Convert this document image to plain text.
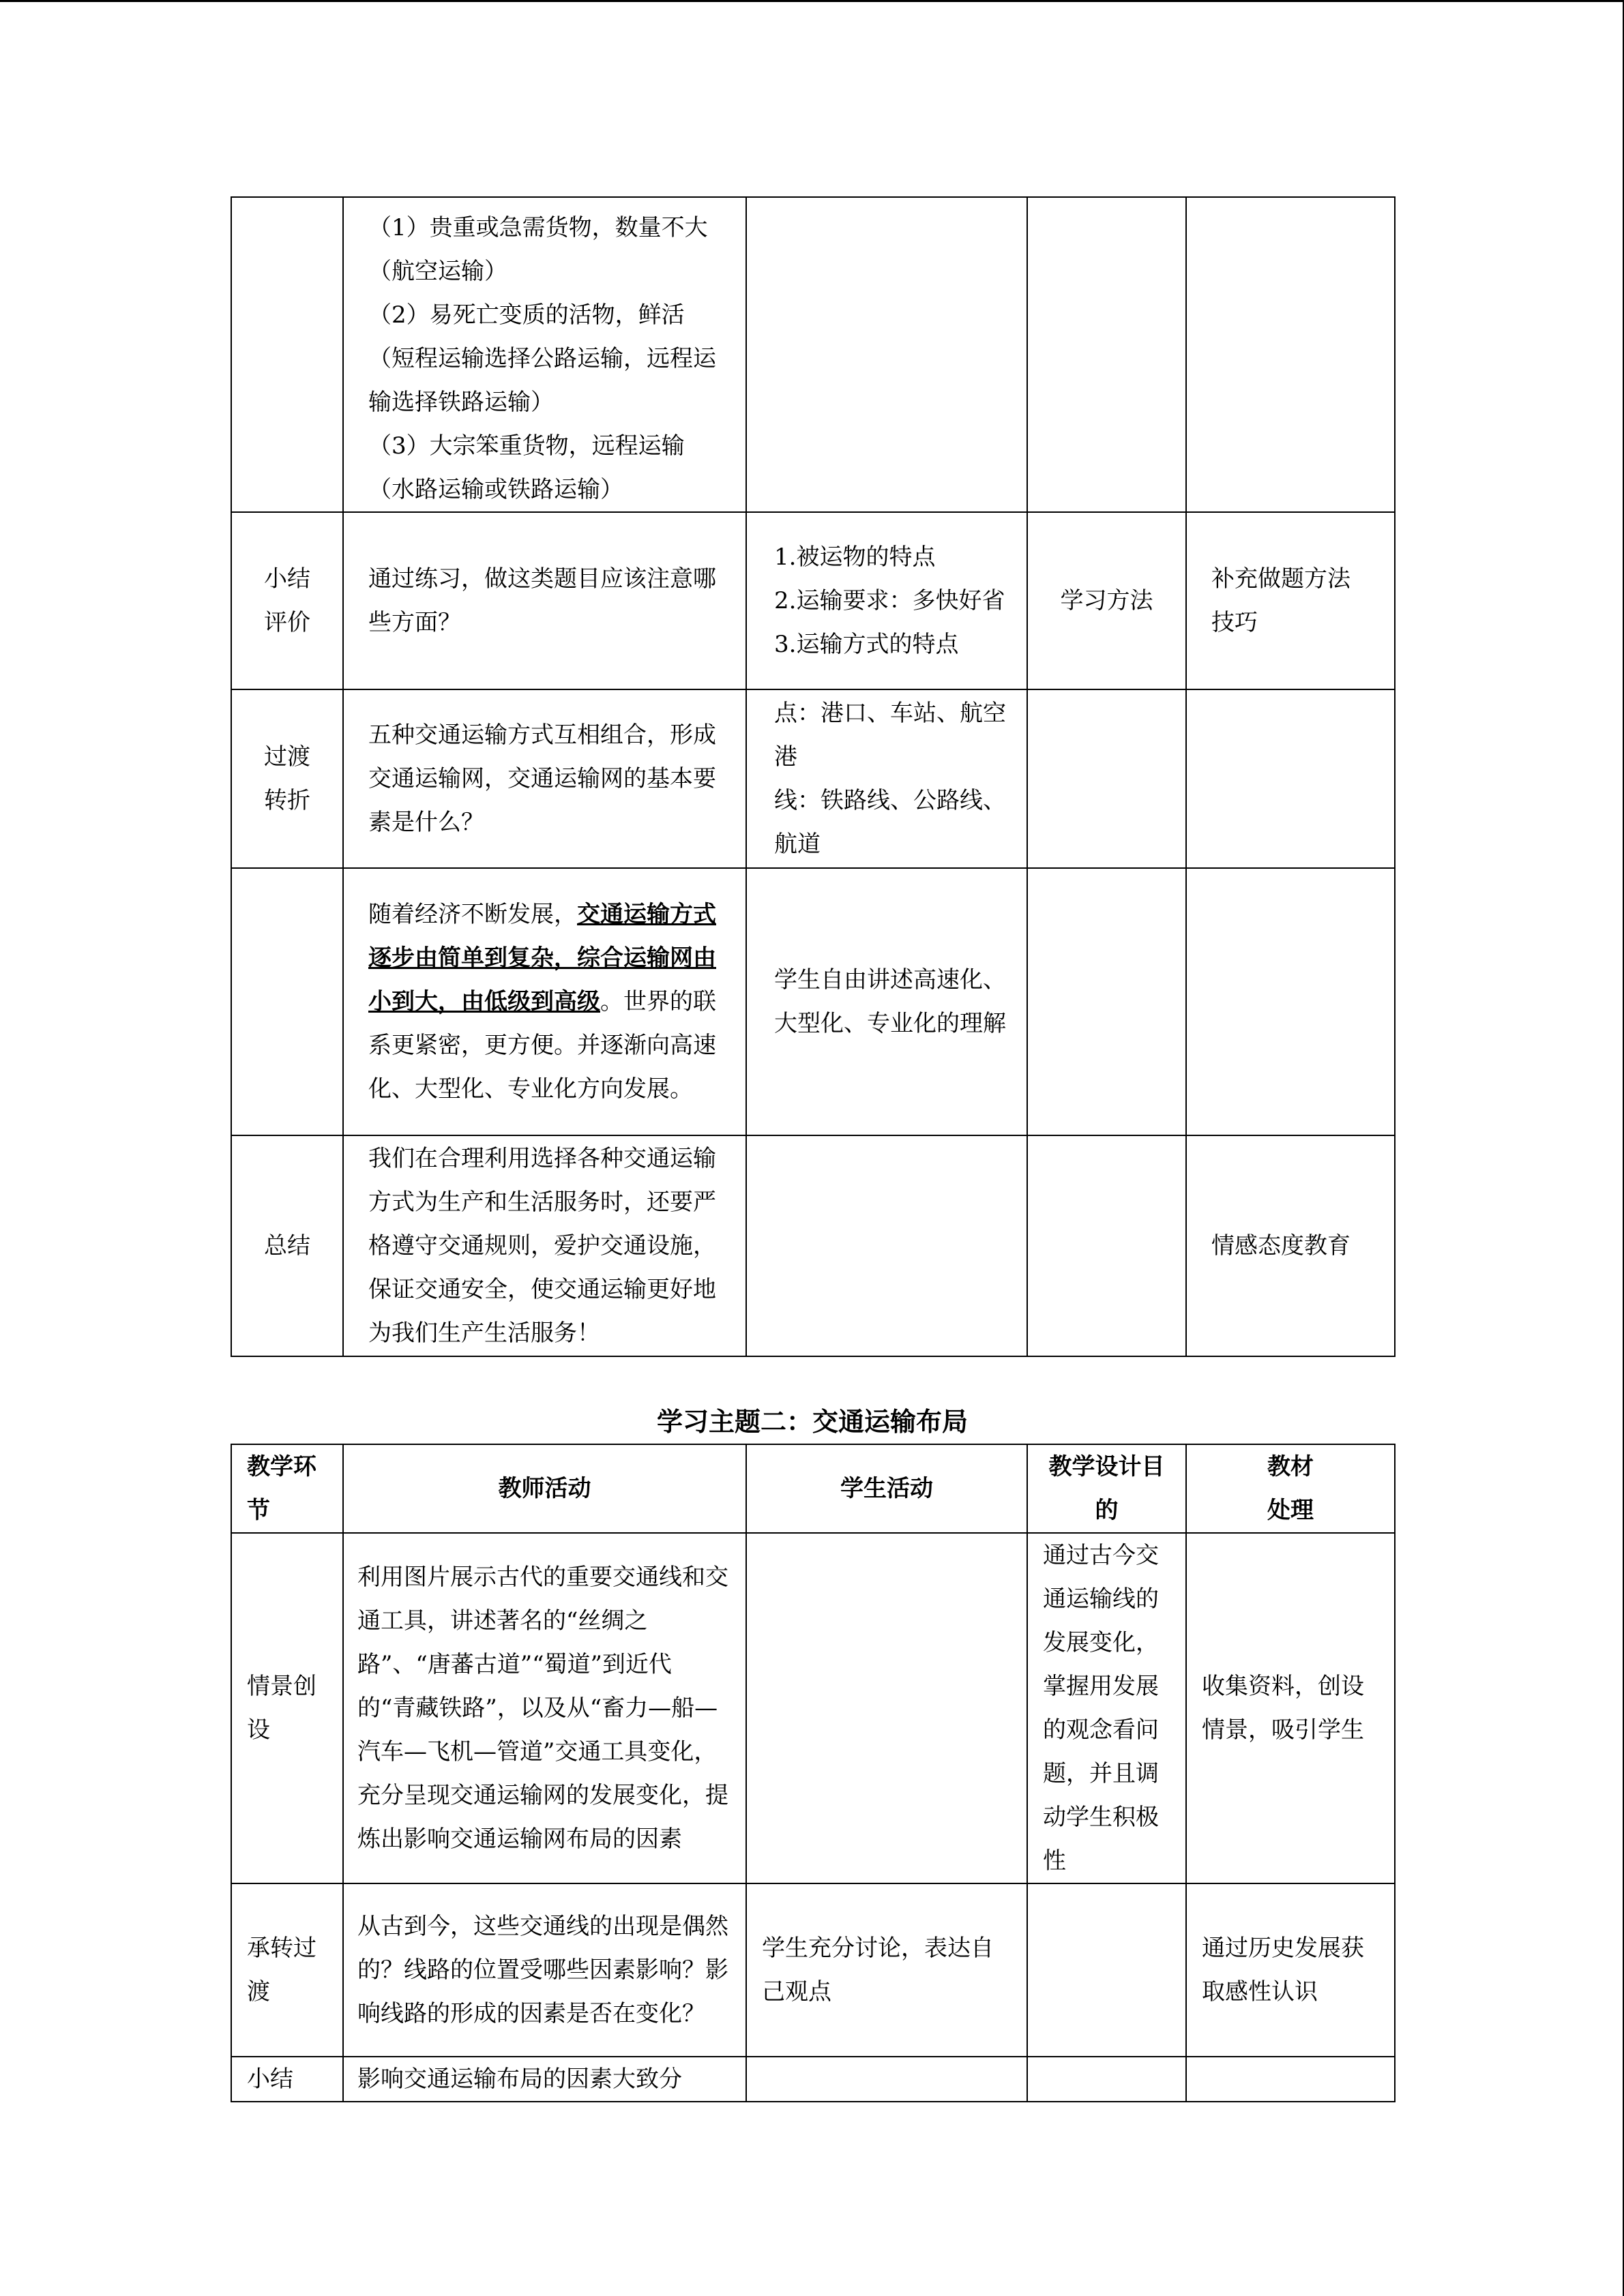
	（1）贵重或急需货物，数量不大（航空运输）
（2）易死亡变质的活物，鲜活（短程运输选择公路运输，远程运输选择铁路运输）
（3）大宗笨重货物，远程运输（水路运输或铁路运输）			

小结评价	通过练习，做这类题目应该注意哪些方面？	1.被运物的特点
2.运输要求：多快好省
3.运输方式的特点	学习方法	补充做题方法技巧
过渡转折	五种交通运输方式互相组合，形成交通运输网，交通运输网的基本要素是什么？	点：港口、车站、航空港
线：铁路线、公路线、航道		

	随着经济不断发展，交通运输方式逐步由简单到复杂，综合运输网由小到大，由低级到高级。世界的联系更紧密，更方便。并逐渐向高速化、大型化、专业化方向发展。	学生自由讲述高速化、大型化、专业化的理解		
总结	我们在合理利用选择各种交通运输方式为生产和生活服务时，还要严格遵守交通规则，爱护交通设施，保证交通安全，使交通运输更好地为我们生产生活服务！			情感态度教育
学习主题二：交通运输布局
教学环节	教师活动	学生活动	教学设计目的	教材
处理

情景创设	利用图片展示古代的重要交通线和交通工具，讲述著名的“丝绸之路”、“唐蕃古道”“蜀道”到近代的“青藏铁路”，以及从“畜力—船—汽车—飞机—管道”交通工具变化，充分呈现交通运输网的发展变化，提炼出影响交通运输网布局的因素		通过古今交通运输线的发展变化，掌握用发展的观念看问题，并且调动学生积极性	收集资料，创设情景，吸引学生
承转过渡	从古到今，这些交通线的出现是偶然的？线路的位置受哪些因素影响？影响线路的形成的因素是否在变化？	学生充分讨论，表达自己观点		通过历史发展获取感性认识
小结	影响交通运输布局的因素大致分			
